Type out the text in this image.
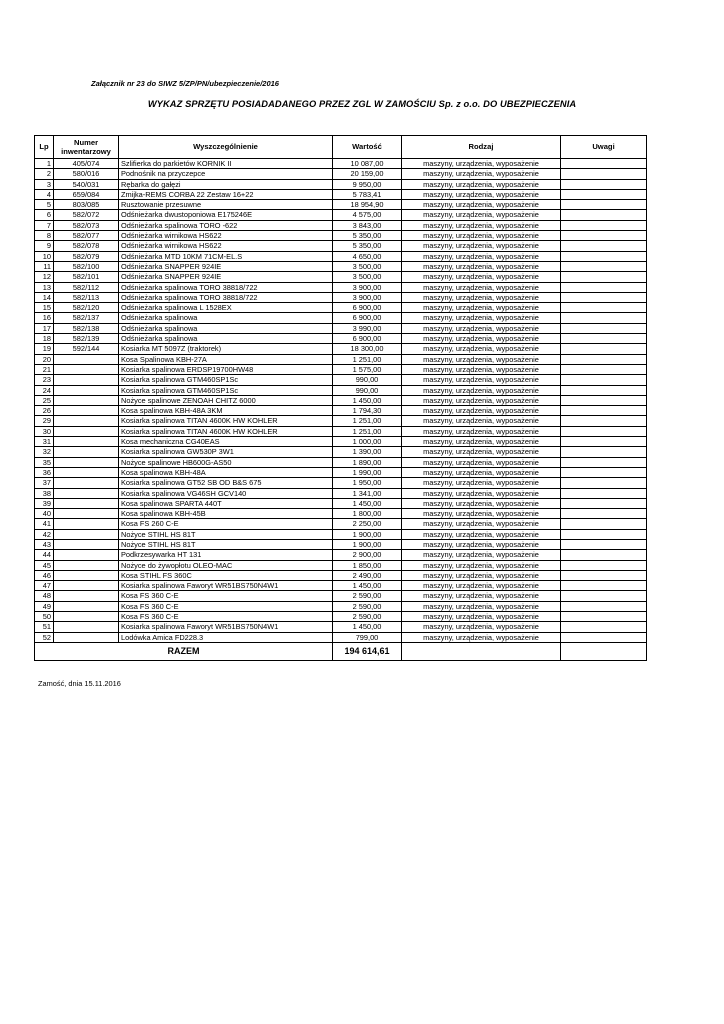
Załącznik nr 23 do SIWZ 5/ZP/PN/ubezpieczenie/2016
WYKAZ SPRZĘTU POSIADADANEGO PRZEZ ZGL W ZAMOŚCIU Sp. z o.o. DO UBEZPIECZENIA
Lp	Numer inwentarzowy	Wyszczególnienie	Wartość	Rodzaj	Uwagi
1	405/074	Szlifierka do parkietów KORNIK II	10 087,00	maszyny, urządzenia, wyposażenie	
2	580/016	Podnośnik na przyczepce	20 159,00	maszyny, urządzenia, wyposażenie	
3	540/031	Rębarka do gałęzi	9 950,00	maszyny, urządzenia, wyposażenie	
4	659/084	Zmijka-REMS CORBA 22 Zestaw 16+22	5 783,41	maszyny, urządzenia, wyposażenie	
5	803/085	Rusztowanie przesuwne	18 954,90	maszyny, urządzenia, wyposażenie	
6	582/072	Odśnieżarka dwustoponiowa E175246E	4 575,00	maszyny, urządzenia, wyposażenie	
7	582/073	Odśnieżarka spalinowa TORO -622	3 843,00	maszyny, urządzenia, wyposażenie	
8	582/077	Odśnieżarka wirnikowa HS622	5 350,00	maszyny, urządzenia, wyposażenie	
9	582/078	Odśnieżarka wirnikowa HS622	5 350,00	maszyny, urządzenia, wyposażenie	
10	582/079	Odśnieżarka MTD 10KM 71CM-EL.S	4 650,00	maszyny, urządzenia, wyposażenie	
11	582/100	Odśnieżarka SNAPPER 924IE	3 500,00	maszyny, urządzenia, wyposażenie	
12	582/101	Odśnieżarka SNAPPER 924IE	3 500,00	maszyny, urządzenia, wyposażenie	
13	582/112	Odśnieżarka spalinowa TORO 38818/722	3 900,00	maszyny, urządzenia, wyposażenie	
14	582/113	Odśnieżarka spalinowa TORO 38818/722	3 900,00	maszyny, urządzenia, wyposażenie	
15	582/120	Odśnieżarka spalinowa L 1528EX	6 900,00	maszyny, urządzenia, wyposażenie	
16	582/137	Odśnieżarka spalinowa	6 900,00	maszyny, urządzenia, wyposażenie	
17	582/138	Odśnieżarka spalinowa	3 990,00	maszyny, urządzenia, wyposażenie	
18	582/139	Odśnieżarka spalinowa	6 900,00	maszyny, urządzenia, wyposażenie	
19	592/144	Kosiarka MT 5097Z (traktorek)	18 300,00	maszyny, urządzenia, wyposażenie	
20		Kosa Spalinowa KBH-27A	1 251,00	maszyny, urządzenia, wyposażenie	
21		Kosiarka spalinowa ERDSP19700HW48	1 575,00	maszyny, urządzenia, wyposażenie	
23		Kosiarka spalinowa GTM460SP1Sc	990,00	maszyny, urządzenia, wyposażenie	
24		Kosiarka spalinowa GTM460SP1Sc	990,00	maszyny, urządzenia, wyposażenie	
25		Nożyce spalinowe ZENOAH CHITZ 6000	1 450,00	maszyny, urządzenia, wyposażenie	
26		Kosa spalinowa KBH-48A 3KM	1 794,30	maszyny, urządzenia, wyposażenie	
29		Kosiarka spalinowa TITAN 4600K HW KOHLER	1 251,00	maszyny, urządzenia, wyposażenie	
30		Kosiarka spalinowa TITAN 4600K HW KOHLER	1 251,00	maszyny, urządzenia, wyposażenie	
31		Kosa mechaniczna CG40EAS	1 000,00	maszyny, urządzenia, wyposażenie	
32		Kosiarka spalinowa GW530P 3W1	1 390,00	maszyny, urządzenia, wyposażenie	
35		Nożyce spalinowe HB600G-AS50	1 890,00	maszyny, urządzenia, wyposażenie	
36		Kosa spalinowa KBH-48A	1 990,00	maszyny, urządzenia, wyposażenie	
37		Kosiarka spalinowa GT52 SB OD B&S 675	1 950,00	maszyny, urządzenia, wyposażenie	
38		Kosiarka spalinowa VG46SH GCV140	1 341,00	maszyny, urządzenia, wyposażenie	
39		Kosa spalinowa SPARTA 440T	1 450,00	maszyny, urządzenia, wyposażenie	
40		Kosa spalinowa KBH-45B	1 800,00	maszyny, urządzenia, wyposażenie	
41		Kosa FS 260 C-E	2 250,00	maszyny, urządzenia, wyposażenie	
42		Nożyce STIHL HS 81T	1 900,00	maszyny, urządzenia, wyposażenie	
43		Nożyce STIHL HS 81T	1 900,00	maszyny, urządzenia, wyposażenie	
44		Podkrzesywarka HT 131	2 900,00	maszyny, urządzenia, wyposażenie	
45		Nożyce do żywopłotu OLEO-MAC	1 850,00	maszyny, urządzenia, wyposażenie	
46		Kosa STIHL FS 360C	2 490,00	maszyny, urządzenia, wyposażenie	
47		Kosiarka spalinowa Faworyt WR51BS750N4W1	1 450,00	maszyny, urządzenia, wyposażenie	
48		Kosa FS 360 C-E	2 590,00	maszyny, urządzenia, wyposażenie	
49		Kosa FS 360 C-E	2 590,00	maszyny, urządzenia, wyposażenie	
50		Kosa FS 360 C-E	2 590,00	maszyny, urządzenia, wyposażenie	
51		Kosiarka spalinowa Faworyt WR51BS750N4W1	1 450,00	maszyny, urządzenia, wyposażenie	
52		Lodówka Amica FD228.3	799,00	maszyny, urządzenia, wyposażenie	
RAZEM			194 614,61		
Zamość, dnia 15.11.2016
